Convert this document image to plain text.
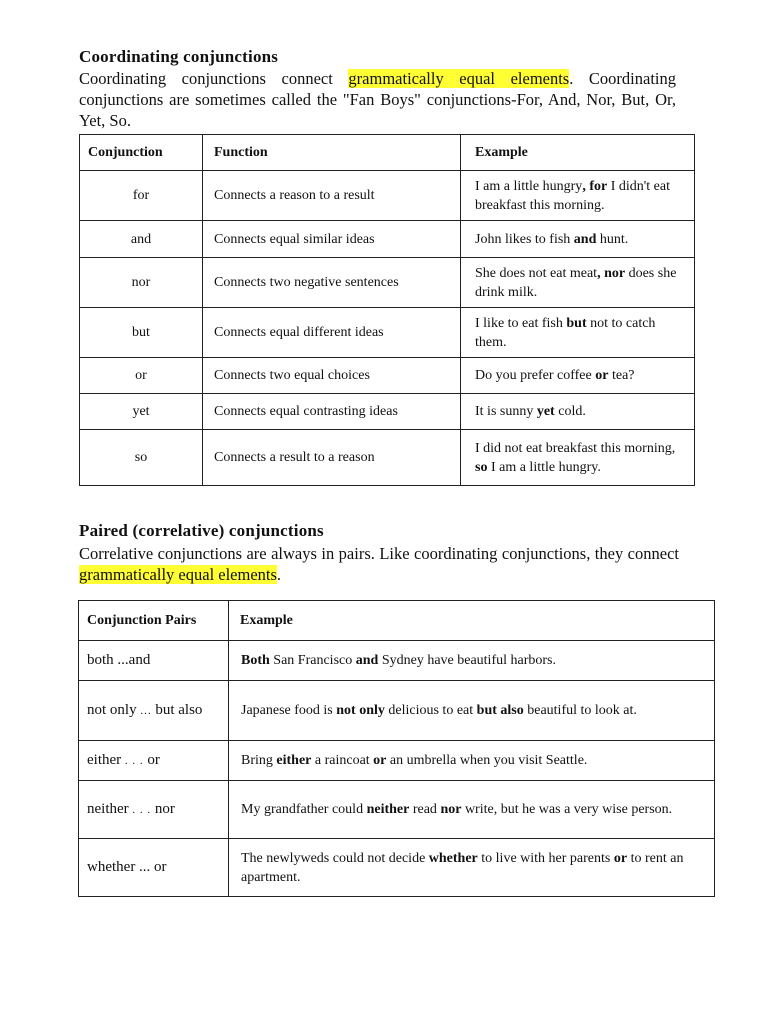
Coordinating conjunctions

Coordinating conjunctions connect grammatically equal elements. Coordinating conjunctions are sometimes called the "Fan Boys" conjunctions-For, And, Nor, But, Or, Yet, So.

Conjunction	Function	Example
for	Connects a reason to a result	I am a little hungry, for I didn't eat breakfast this morning.
and	Connects equal similar ideas	John likes to fish and hunt.
nor	Connects two negative sentences	She does not eat meat, nor does she drink milk.
but	Connects equal different ideas	I like to eat fish but not to catch them.
or	Connects two equal choices	Do you prefer coffee or tea?
yet	Connects equal contrasting ideas	It is sunny yet cold.
so	Connects a result to a reason	I did not eat breakfast this morning, so I am a little hungry.
Paired (correlative) conjunctions

Correlative conjunctions are always in pairs. Like coordinating conjunctions, they connect grammatically equal elements.

Conjunction Pairs	Example
both ...and	Both San Francisco and Sydney have beautiful harbors.
not only ... but also	Japanese food is not only delicious to eat but also beautiful to look at.
either . . . or	Bring either a raincoat or an umbrella when you visit Seattle.
neither . . . nor	My grandfather could neither read nor write, but he was a very wise person.
whether ... or	The newlyweds could not decide whether to live with her parents or to rent an apartment.
